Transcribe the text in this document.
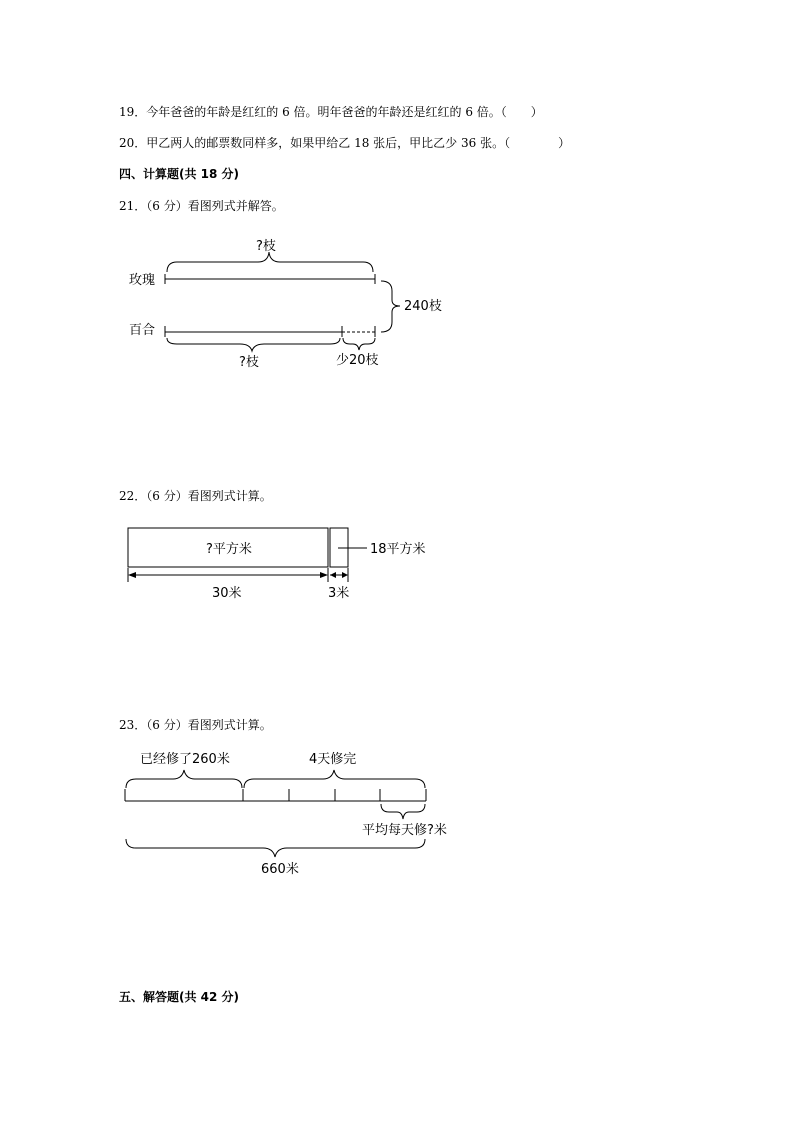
19．今年爸爸的年龄是红红的 6 倍。明年爸爸的年龄还是红红的 6 倍。（　　）
20．甲乙两人的邮票数同样多，如果甲给乙 18 张后，甲比乙少 36 张。（　　　　）
四、计算题(共 18 分)
21．（6 分）看图列式并解答。
22．（6 分）看图列式计算。
23．（6 分）看图列式计算。
五、解答题(共 42 分)
玫瑰
百合
?枝
?枝
240枝
少20枝
?平方米	18平方米
30米	3米
已经修了260米	4天修完
平均每天修?米
660米
